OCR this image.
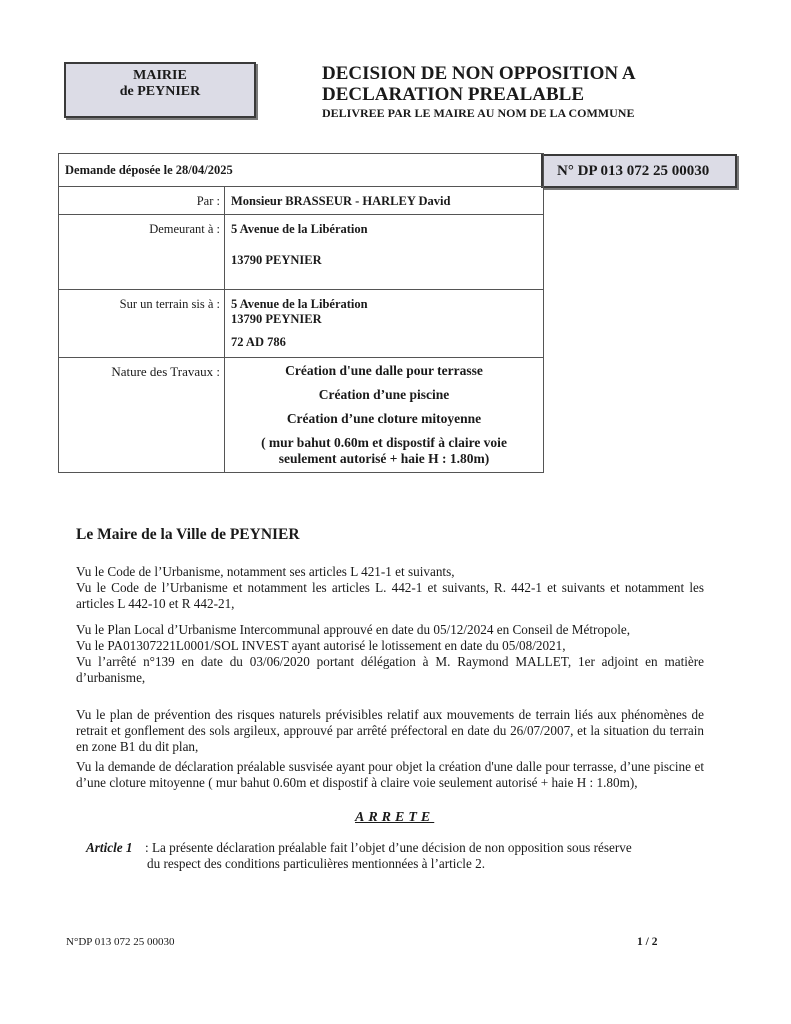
MAIRIE
de PEYNIER
DECISION DE NON OPPOSITION A
DECLARATION PREALABLE
DELIVREE PAR LE MAIRE AU NOM DE LA COMMUNE
N° DP 013 072 25 00030
Demande déposée le 28/04/2025	
Par :	Monsieur BRASSEUR - HARLEY David
Demeurant à :	5 Avenue de la Libération
13790 PEYNIER

Sur un terrain sis à :	5 Avenue de la Libération
13790 PEYNIER
72 AD 786

Nature des Travaux :	Création d'une dalle pour terrasse
Création d’une piscine
Création d’une cloture mitoyenne
( mur bahut 0.60m et dispostif à claire voie
seulement autorisé + haie H : 1.80m)
Le Maire de la Ville de PEYNIER
Vu le Code de l’Urbanisme, notamment ses articles L 421-1 et suivants,
Vu le Code de l’Urbanisme et notamment les articles L. 442-1 et suivants, R. 442-1 et suivants et notamment les articles L 442-10 et R 442-21,
Vu le Plan Local d’Urbanisme Intercommunal approuvé en date du 05/12/2024 en Conseil de Métropole,
Vu le PA01307221L0001/SOL INVEST ayant autorisé le lotissement en date du 05/08/2021,
Vu l’arrêté n°139 en date du 03/06/2020 portant délégation à M. Raymond MALLET, 1er adjoint en matière d’urbanisme,
Vu le plan de prévention des risques naturels prévisibles relatif aux mouvements de terrain liés aux phénomènes de retrait et gonflement des sols argileux, approuvé par arrêté préfectoral en date du 26/07/2007, et la situation du terrain en zone B1 du dit plan,
Vu la demande de déclaration préalable susvisée ayant pour objet la création d'une dalle pour terrasse, d’une piscine et d’une cloture mitoyenne ( mur bahut 0.60m et dispostif à claire voie seulement autorisé + haie H : 1.80m),
ARRETE
Article 1 : La présente déclaration préalable fait l’objet d’une décision de non opposition sous réserve
du respect des conditions particulières mentionnées à l’article 2.
N°DP 013 072 25 00030	1 / 2
